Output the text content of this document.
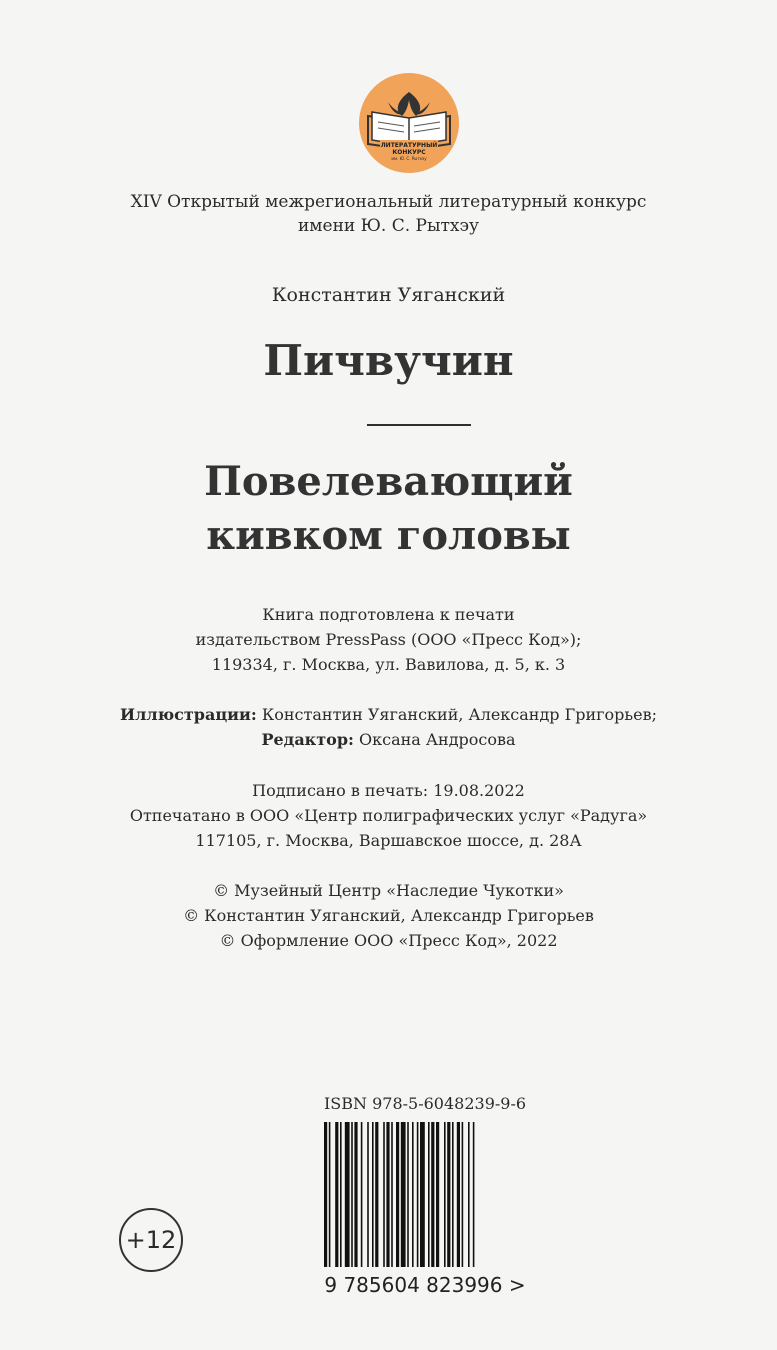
ЛИТЕРАТУРНЫЙ
КОНКУРС
им. Ю. С. Рытхэу
XIV Открытый межрегиональный литературный конкурс
имени Ю. С. Рытхэу
Константин Уяганский
Пичвучин
Повелевающий
кивком головы
Книга подготовлена к печати
издательством PressPass (ООО «Пресс Код»);
119334, г. Москва, ул. Вавилова, д. 5, к. 3
Иллюстрации: Константин Уяганский, Александр Григорьев;
Редактор: Оксана Андросова
Подписано в печать: 19.08.2022
Отпечатано в ООО «Центр полиграфических услуг «Радуга»
117105, г. Москва, Варшавское шоссе, д. 28А
© Музейный Центр «Наследие Чукотки»
© Константин Уяганский, Александр Григорьев
© Оформление ООО «Пресс Код», 2022
ISBN 978-5-6048239-9-6
9 785604 823996 >
+12
